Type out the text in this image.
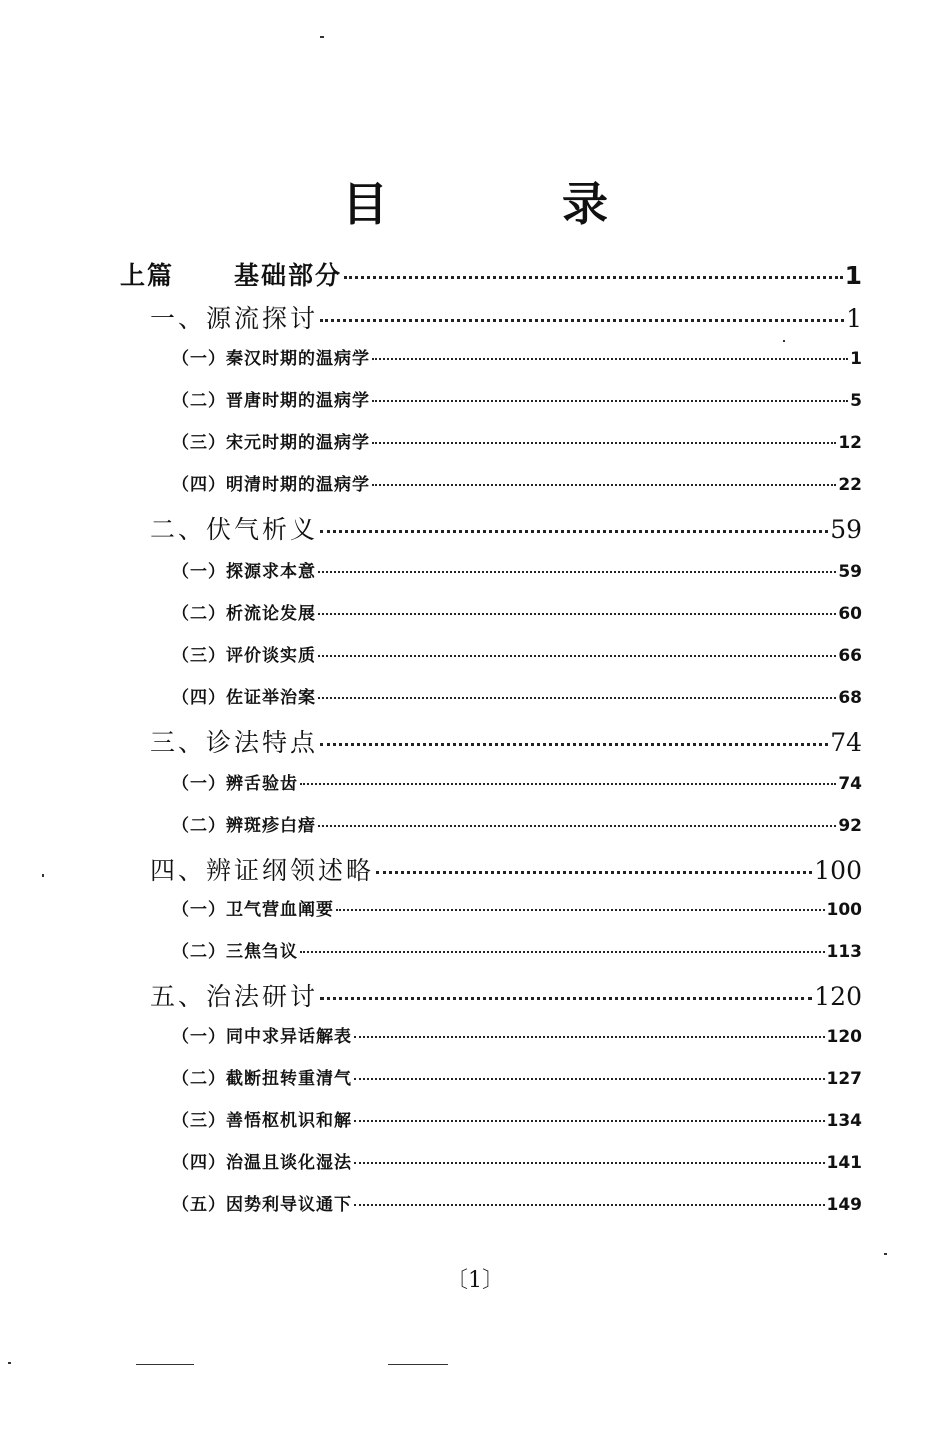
目　录
上篇 基础部分	1
一、源流探讨	1
（一）秦汉时期的温病学	1
（二）晋唐时期的温病学	5
（三）宋元时期的温病学	12
（四）明清时期的温病学	22
二、伏气析义	59
（一）探源求本意	59
（二）析流论发展	60
（三）评价谈实质	66
（四）佐证举治案	68
三、诊法特点	74
（一）辨舌验齿	74
（二）辨斑疹白瘖	92
四、辨证纲领述略	100
（一）卫气营血阐要	100
（二）三焦刍议	113
五、治法研讨	120
（一）同中求异话解表	120
（二）截断扭转重清气	127
（三）善悟枢机识和解	134
（四）治温且谈化湿法	141
（五）因势利导议通下	149
〔1〕
